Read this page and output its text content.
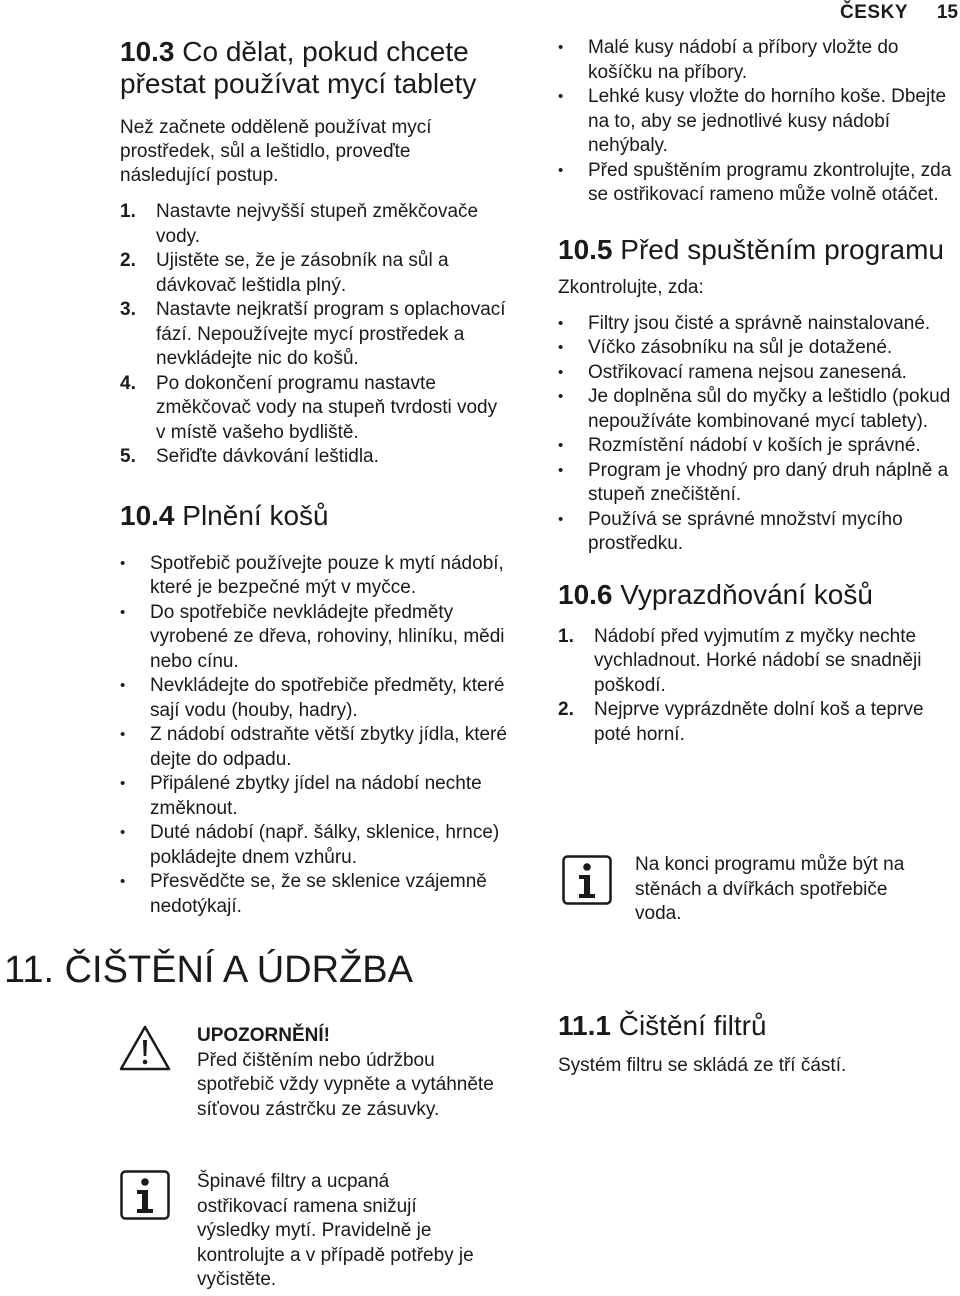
ČESKY 15
10.3 Co dělat, pokud chcete přestat používat mycí tablety

Než začnete odděleně používat mycí prostředek, sůl a leštidlo, proveďte následující postup.

1. Nastavte nejvyšší stupeň změkčovače vody.
2. Ujistěte se, že je zásobník na sůl a dávkovač leštidla plný.
3. Nastavte nejkratší program s oplachovací fází. Nepoužívejte mycí prostředek a nevkládejte nic do košů.
4. Po dokončení programu nastavte změkčovač vody na stupeň tvrdosti vody v místě vašeho bydliště.
5. Seřiďte dávkování leštidla.
10.4 Plnění košů
• Spotřebič používejte pouze k mytí nádobí, které je bezpečné mýt v myčce.
• Do spotřebiče nevkládejte předměty vyrobené ze dřeva, rohoviny, hliníku, mědi nebo cínu.
• Nevkládejte do spotřebiče předměty, které sají vodu (houby, hadry).
• Z nádobí odstraňte větší zbytky jídla, které dejte do odpadu.
• Připálené zbytky jídel na nádobí nechte změknout.
• Duté nádobí (např. šálky, sklenice, hrnce) pokládejte dnem vzhůru.
• Přesvědčte se, že se sklenice vzájemně nedotýkají.
• Malé kusy nádobí a příbory vložte do košíčku na příbory.
• Lehké kusy vložte do horního koše. Dbejte na to, aby se jednotlivé kusy nádobí nehýbaly.
• Před spuštěním programu zkontrolujte, zda se ostřikovací rameno může volně otáčet.
10.5 Před spuštěním programu

Zkontrolujte, zda:

• Filtry jsou čisté a správně nainstalované.
• Víčko zásobníku na sůl je dotažené.
• Ostřikovací ramena nejsou zanesená.
• Je doplněna sůl do myčky a leštidlo (pokud nepoužíváte kombinované mycí tablety).
• Rozmístění nádobí v koších je správné.
• Program je vhodný pro daný druh náplně a stupeň znečištění.
• Používá se správné množství mycího prostředku.
10.6 Vyprazdňování košů
1. Nádobí před vyjmutím z myčky nechte vychladnout. Horké nádobí se snadněji poškodí.
2. Nejprve vyprázdněte dolní koš a teprve poté horní.
Na konci programu může být na stěnách a dvířkách spotřebiče voda.
11. ČIŠTĚNÍ A ÚDRŽBA
UPOZORNĚNÍ!
Před čištěním nebo údržbou spotřebič vždy vypněte a vytáhněte síťovou zástrčku ze zásuvky.
Špinavé filtry a ucpaná ostřikovací ramena snižují výsledky mytí. Pravidelně je kontrolujte a v případě potřeby je vyčistěte.
11.1 Čištění filtrů

Systém filtru se skládá ze tří částí.
